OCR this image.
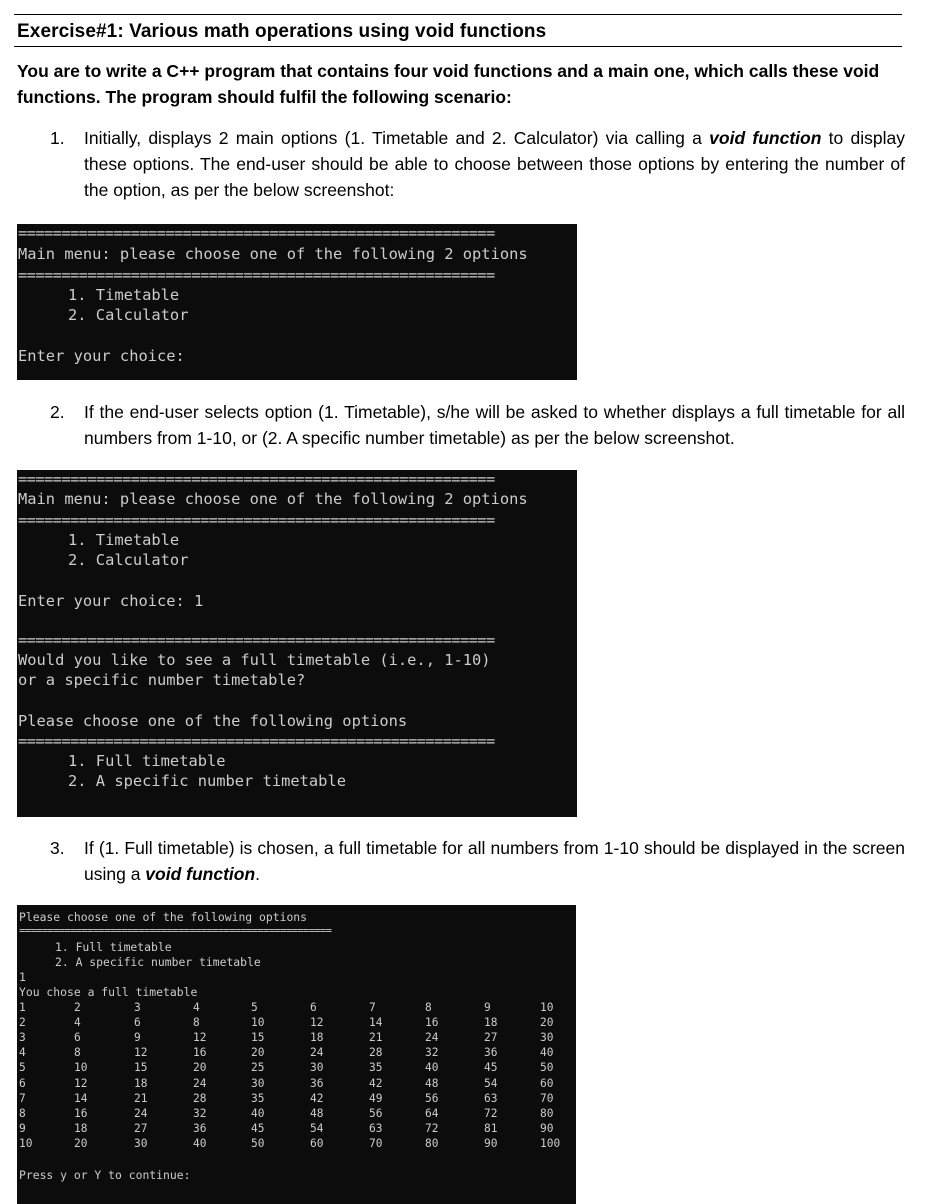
Exercise#1: Various math operations using void functions
You are to write a C++ program that contains four void functions and a main one, which calls these void functions. The program should fulfil the following scenario:
1. Initially, displays 2 main options (1. Timetable and 2. Calculator) via calling a void function to display these options. The end-user should be able to choose between those options by entering the number of the option, as per the below screenshot:
=======================================================
Main menu: please choose one of the following 2 options
=======================================================
1. Timetable
2. Calculator
Enter your choice:
2. If the end-user selects option (1. Timetable), s/he will be asked to whether displays a full timetable for all numbers from 1-10, or (2. A specific number timetable) as per the below screenshot.
=======================================================
Main menu: please choose one of the following 2 options
=======================================================
1. Timetable
2. Calculator
Enter your choice: 1
=======================================================
Would you like to see a full timetable (i.e., 1-10)
or a specific number timetable?
Please choose one of the following options
=======================================================
1. Full timetable
2. A specific number timetable
3. If (1. Full timetable) is chosen, a full timetable for all numbers from 1-10 should be displayed in the screen using a void function.
Please choose one of the following options
=======================================================
1. Full timetable
2. A specific number timetable
1
You chose a full timetable
1	2	3	4	5	6	7	8	9	10
2	4	6	8	10	12	14	16	18	20
3	6	9	12	15	18	21	24	27	30
4	8	12	16	20	24	28	32	36	40
5	10	15	20	25	30	35	40	45	50
6	12	18	24	30	36	42	48	54	60
7	14	21	28	35	42	49	56	63	70
8	16	24	32	40	48	56	64	72	80
9	18	27	36	45	54	63	72	81	90
10	20	30	40	50	60	70	80	90	100
Press y or Y to continue:
